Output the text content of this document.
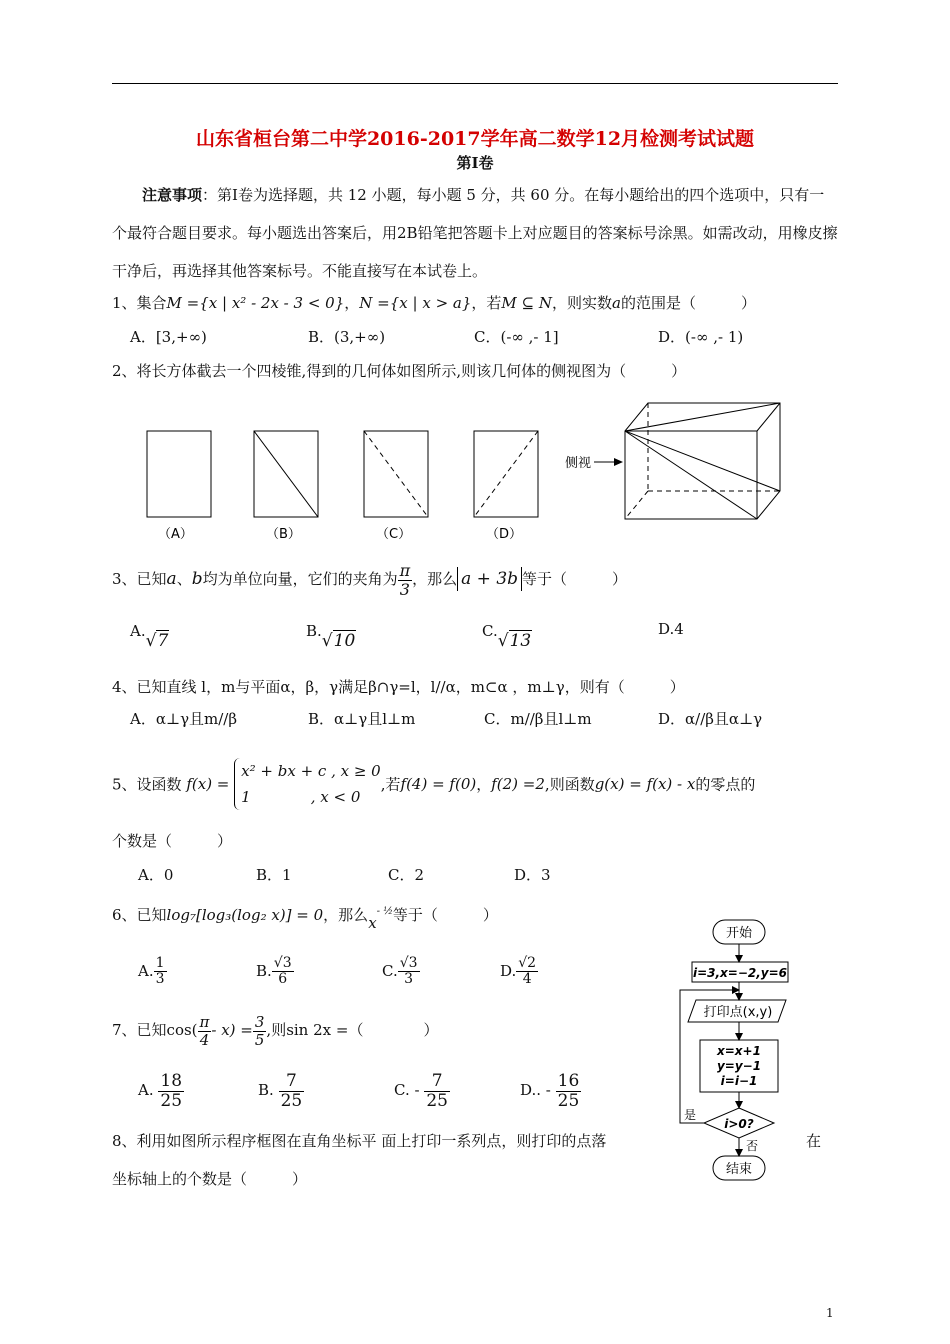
山东省桓台第二中学2016-2017学年高二数学12月检测考试试题
第Ⅰ卷
注意事项：第Ⅰ卷为选择题，共 12 小题，每小题 5 分，共 60 分。在每小题给出的四个选项中，只有一个最符合题目要求。每小题选出答案后，用2B铅笔把答题卡上对应题目的答案标号涂黑。如需改动，用橡皮擦干净后，再选择其他答案标号。不能直接写在本试卷上。
1、集合M ={x | x² - 2x - 3 < 0}，N ={x | x > a}，若M ⊆ N，则实数a的范围是（　　　）
A．[3,+∞)	B．(3,+∞)	C．(-∞ ,- 1]	D．(-∞ ,- 1)
2、将长方体截去一个四棱锥,得到的几何体如图所示,则该几何体的侧视图为（　　　）
（A）	（B）	（C）	（D）
侧视
3、已知a、b均为单位向量，它们的夹角为 $\frac{\pi}{3}$ ，那么 a + 3b 等于（　　　）
A.√7	B.√10	C.√13
D.4
4、已知直线 l，m与平面α，β，γ满足β∩γ=l，l//α，m⊂α ，m⊥γ，则有（　　　）
A．α⊥γ且m//β	B．α⊥γ且l⊥m	C．m//β且l⊥m	D．α//β且α⊥γ
5、设函数 f(x) =
x² + bx + c , x ≥ 0
1　　　　, x < 0
,若f(4) = f(0)，f(2) =2,则函数g(x) = f(x) - x的零点的
个数是（　　　）
A．0	B．1	C．2	D．3
6、已知log₇[log₃(log₂ x)] = 0，那么$x^{- \frac{1}{2}}$等于（　　　）
A. $\frac{1}{3}$	B. $\frac{√3}{6}$	C. $\frac{√3}{3}$	D. $\frac{√2}{4}$
7、已知$\cos( \frac{\pi}{4} - x) = \frac{3}{5}$ ,则sin 2x =（　　　　）
A. $\frac{18}{25}$	B. $\frac{7}{25}$	C. - $\frac{7}{25}$	D.. - $\frac{16}{25}$
8、利用如图所示程序框图在直角坐标平 面上打印一系列点，则打印的点落	在
坐标轴上的个数是（　　　）
开始
i=3,x=−2,y=6
打印点(x,y)
x=x+1
y=y−1
i=i−1
i>0?
是
否
结束
1
